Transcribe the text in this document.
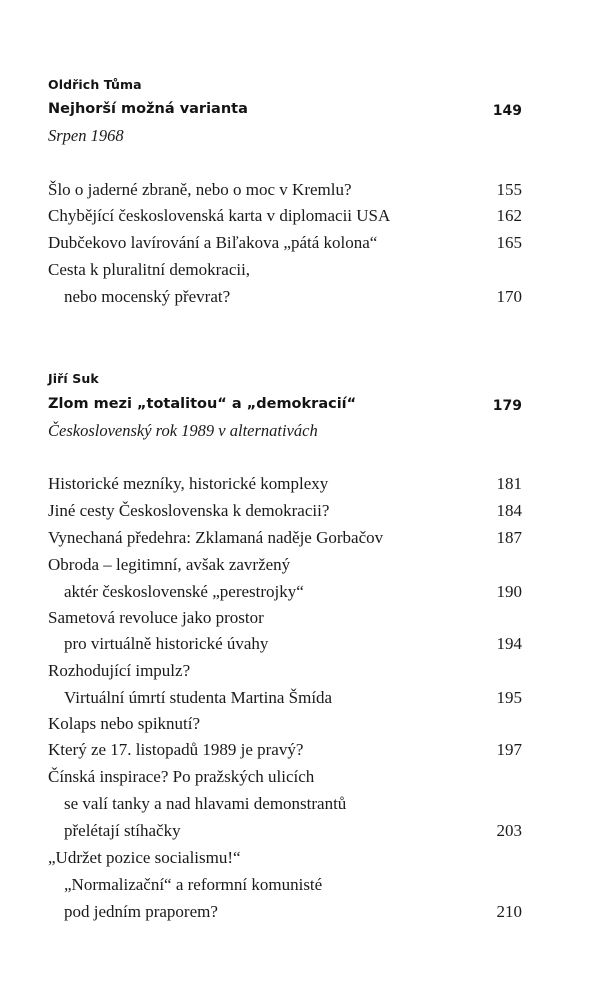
Oldřich Tůma
Nejhorší možná varianta	149
Srpen 1968
Šlo o jaderné zbraně, nebo o moc v Kremlu?	155
Chybějící československá karta v diplomacii USA	162
Dubčekovo lavírování a Biľakova „pátá kolona“	165
Cesta k pluralitní demokracii,
nebo mocenský převrat?	170
Jiří Suk
Zlom mezi „totalitou“ a „demokracií“	179
Československý rok 1989 v alternativách
Historické mezníky, historické komplexy	181
Jiné cesty Československa k demokracii?	184
Vynechaná předehra: Zklamaná naděje Gorbačov	187
Obroda – legitimní, avšak zavržený
aktér československé „perestrojky“	190
Sametová revoluce jako prostor
pro virtuálně historické úvahy	194
Rozhodující impulz?
Virtuální úmrtí studenta Martina Šmída	195
Kolaps nebo spiknutí?
Který ze 17. listopadů 1989 je pravý?	197
Čínská inspirace? Po pražských ulicích
se valí tanky a nad hlavami demonstrantů
přelétají stíhačky	203
„Udržet pozice socialismu!“
„Normalizační“ a reformní komunisté
pod jedním praporem?	210
